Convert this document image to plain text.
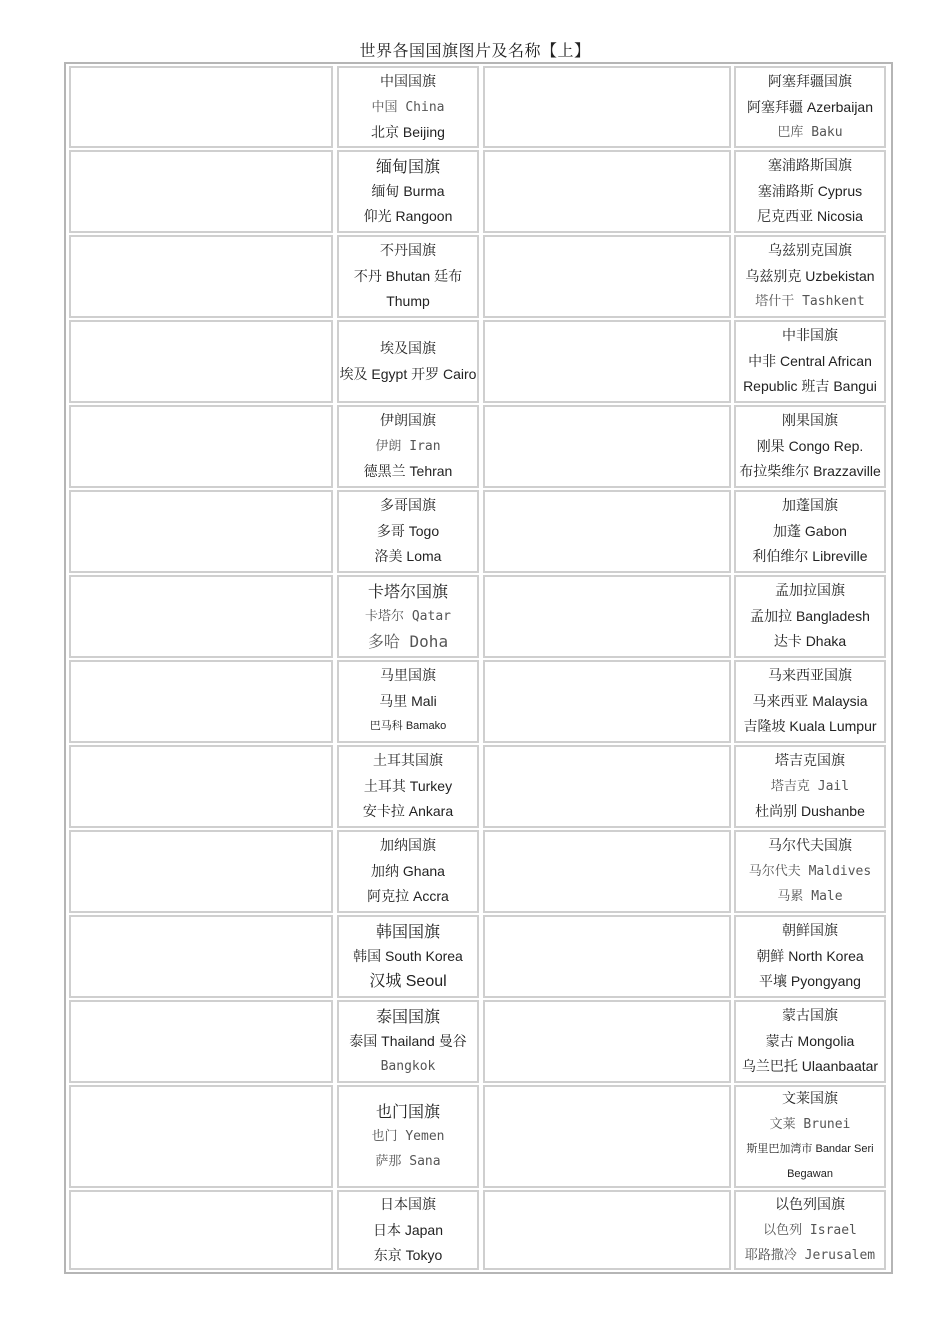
世界各国国旗图片及名称【上】
中国国旗
中国 China
北京 Beijing
阿塞拜疆国旗
阿塞拜疆 Azerbaijan
巴库 Baku
缅甸国旗
缅甸 Burma
仰光 Rangoon
塞浦路斯国旗
塞浦路斯 Cyprus
尼克西亚 Nicosia
不丹国旗
不丹 Bhutan 廷布
Thump
乌兹别克国旗
乌兹别克 Uzbekistan
塔什干 Tashkent
埃及国旗
埃及 Egypt 开罗 Cairo
中非国旗
中非 Central African
Republic 班吉 Bangui
伊朗国旗
伊朗 Iran
德黑兰 Tehran
刚果国旗
刚果 Congo Rep.
布拉柴维尔 Brazzaville
多哥国旗
多哥 Togo
洛美 Loma
加蓬国旗
加蓬 Gabon
利伯维尔 Libreville
卡塔尔国旗
卡塔尔 Qatar
多哈 Doha
孟加拉国旗
孟加拉 Bangladesh
达卡 Dhaka
马里国旗
马里 Mali
巴马科 Bamako
马来西亚国旗
马来西亚 Malaysia
吉隆坡 Kuala Lumpur
土耳其国旗
土耳其 Turkey
安卡拉 Ankara
塔吉克国旗
塔吉克 Jail
杜尚别 Dushanbe
加纳国旗
加纳 Ghana
阿克拉 Accra
马尔代夫国旗
马尔代夫 Maldives
马累 Male
韩国国旗
韩国 South Korea
汉城 Seoul
朝鲜国旗
朝鲜 North Korea
平壤 Pyongyang
泰国国旗
泰国 Thailand 曼谷
Bangkok
蒙古国旗
蒙古 Mongolia
乌兰巴托 Ulaanbaatar
也门国旗
也门 Yemen
萨那 Sana
文莱国旗
文莱 Brunei
斯里巴加湾市 Bandar Seri
Begawan
日本国旗
日本 Japan
东京 Tokyo
以色列国旗
以色列 Israel
耶路撒冷 Jerusalem
